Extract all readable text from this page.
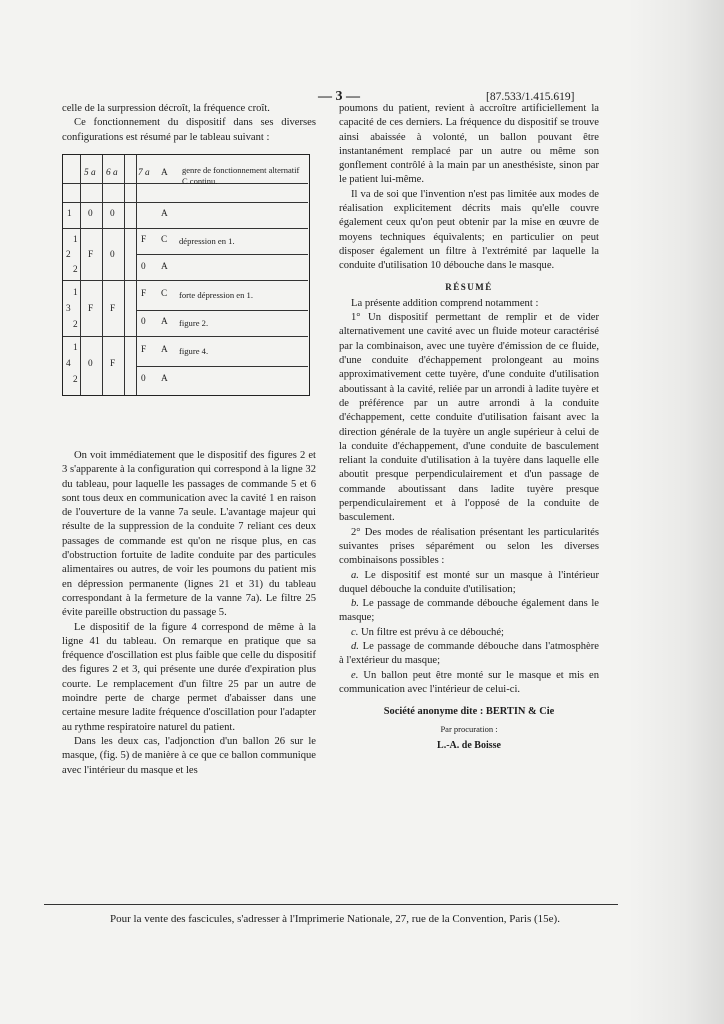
— 3 —	[87.533/1.415.619]

celle de la surpression décroît, la fréquence croît.

Ce fonctionnement du dispositif dans ses diverses configurations est résumé par le tableau suivant :

5 a 6 a 7 a A genre de fonctionnement alternatif C continu.
1 0 0	A
1
2
2
F 0
F C dépression en 1.
0 A
1
3
2
F F
F C forte dépression en 1.
0 A figure 2.
1
4
2
0 F
F A figure 4.
0 A

On voit immédiatement que le dispositif des figures 2 et 3 s'apparente à la configuration qui correspond à la ligne 32 du tableau, pour laquelle les passages de commande 5 et 6 sont tous deux en communication avec la cavité 1 en raison de l'ouverture de la vanne 7a seule. L'avantage majeur qui résulte de la suppression de la conduite 7 reliant ces deux passages de commande est qu'on ne risque plus, en cas d'obstruction fortuite de ladite conduite par des particules alimentaires ou autres, de voir les poumons du patient mis en dépression permanente (lignes 21 et 31) du tableau correspondant à la fermeture de la vanne 7a). Le filtre 25 évite pareille obstruction du passage 5.

Le dispositif de la figure 4 correspond de même à la ligne 41 du tableau. On remarque en pratique que sa fréquence d'oscillation est plus faible que celle du dispositif des figures 2 et 3, qui présente une durée d'expiration plus courte. Le remplacement d'un filtre 25 par un autre de moindre perte de charge permet d'abaisser dans une certaine mesure ladite fréquence d'oscillation pour l'adapter au rythme respiratoire naturel du patient.

Dans les deux cas, l'adjonction d'un ballon 26 sur le masque, (fig. 5) de manière à ce que ce ballon communique avec l'intérieur du masque et les

poumons du patient, revient à accroître artificiellement la capacité de ces derniers. La fréquence du dispositif se trouve ainsi abaissée à volonté, un ballon pouvant être instantanément remplacé par un autre ou même son gonflement contrôlé à la main par un anesthésiste, sinon par le patient lui-même.

Il va de soi que l'invention n'est pas limitée aux modes de réalisation explicitement décrits mais qu'elle couvre également ceux qu'on peut obtenir par la mise en œuvre de moyens techniques équivalents; en particulier on peut disposer également un filtre à l'extrémité par laquelle la conduite d'utilisation 10 débouche dans le masque.

RÉSUMÉ

La présente addition comprend notamment :

1° Un dispositif permettant de remplir et de vider alternativement une cavité avec un fluide moteur caractérisé par la combinaison, avec une tuyère d'émission de ce fluide, d'une conduite d'échappement prolongeant au moins approximativement cette tuyère, d'une conduite d'utilisation aboutissant à la cavité, reliée par un arrondi à ladite tuyère et de préférence par un autre arrondi à la conduite d'échappement, cette conduite d'utilisation faisant avec la direction générale de la tuyère un angle supérieur à celui de la conduite d'échappement, d'une conduite de basculement reliant la conduite d'utilisation à la tuyère dans laquelle elle aboutit presque perpendiculairement et d'un passage de commande aboutissant dans ladite tuyère presque perpendiculairement et à l'opposé de la conduite de basculement.

2° Des modes de réalisation présentant les particularités suivantes prises séparément ou selon les diverses combinaisons possibles :

a. Le dispositif est monté sur un masque à l'intérieur duquel débouche la conduite d'utilisation;

b. Le passage de commande débouche également dans le masque;

c. Un filtre est prévu à ce débouché;

d. Le passage de commande débouche dans l'atmosphère à l'extérieur du masque;

e. Un ballon peut être monté sur le masque et mis en communication avec l'intérieur de celui-ci.

Société anonyme dite : BERTIN & Cie
Par procuration :
L.-A. de Boisse
Pour la vente des fascicules, s'adresser à l'Imprimerie Nationale, 27, rue de la Convention, Paris (15e).
